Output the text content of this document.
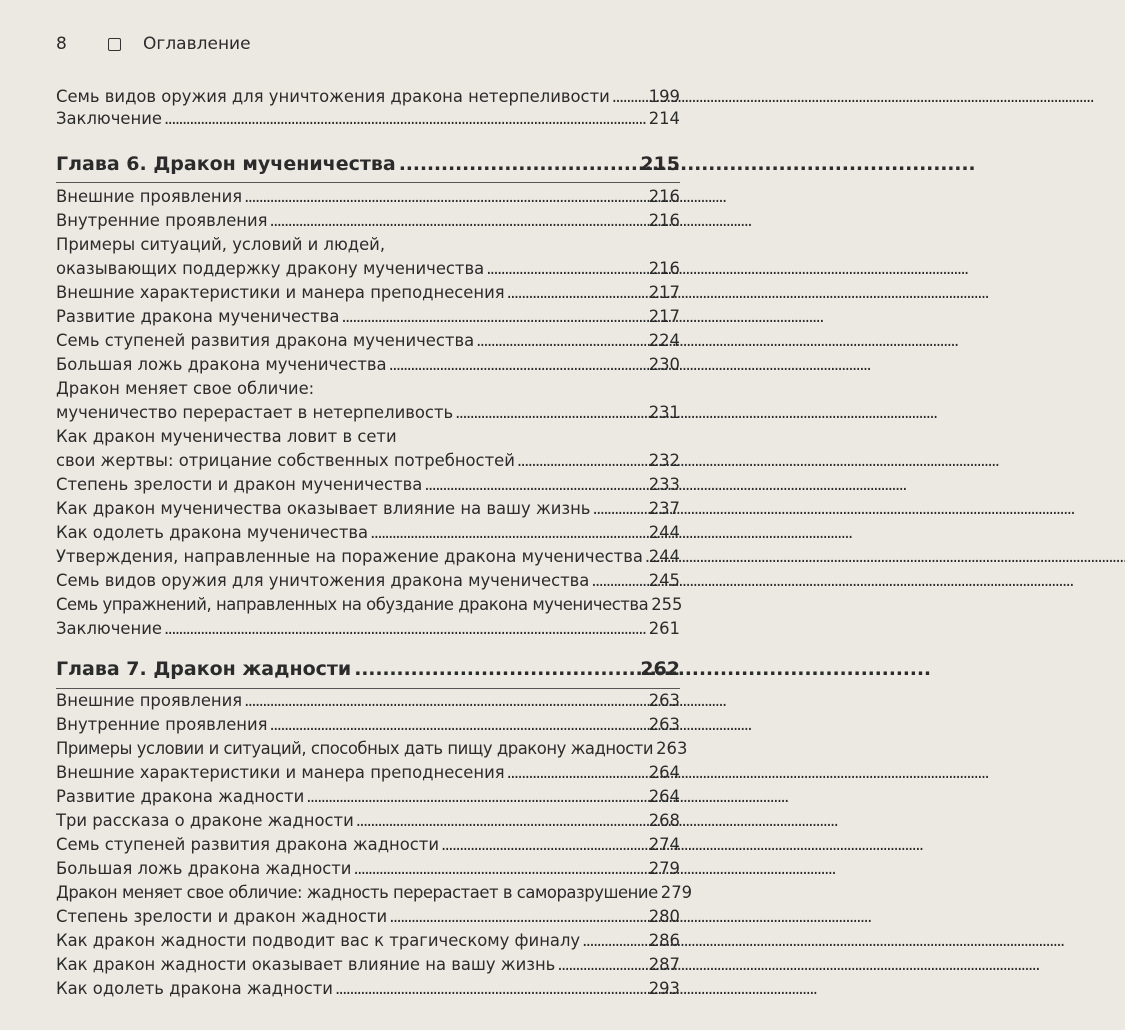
8	Оглавление
Семь видов оружия для уничтожения дракона нетерпеливости . . . 199
Заключение . . .	214
Глава 6. Дракон мученичества . . .	215
Внешние проявления . . .	216
Внутренние проявления . . .	216
Примеры ситуаций, условий и людей,
оказывающих поддержку дракону мученичества . . .	216
Внешние характеристики и манера преподнесения . . .	217
Развитие дракона мученичества . . .	217
Семь ступеней развития дракона мученичества . . .	224
Большая ложь дракона мученичества . . .	230
Дракон меняет свое обличие:
мученичество перерастает в нетерпеливость . . .	231
Как дракон мученичества ловит в сети
свои жертвы: отрицание собственных потребностей . . .	232
Степень зрелости и дракон мученичества . . .	233
Как дракон мученичества оказывает влияние на вашу жизнь . . .	237
Как одолеть дракона мученичества . . .	244
Утверждения, направленные на поражение дракона мученичества . . . 244
Семь видов оружия для уничтожения дракона мученичества . . .	245
Семь упражнений, направленных на обуздание дракона мученичества 255
Заключение . . .	261
Глава 7. Дракон жадности . . .	262
Внешние проявления . . .	263
Внутренние проявления . . .	263
Примеры условии и ситуаций, способных дать пищу дракону жадности 263
Внешние характеристики и манера преподнесения . . .	264
Развитие дракона жадности . . .	264
Три рассказа о драконе жадности . . .	268
Семь ступеней развития дракона жадности . . .	274
Большая ложь дракона жадности . . .	279
Дракон меняет свое обличие: жадность перерастает в саморазрушение 279
Степень зрелости и дракон жадности . . .	280
Как дракон жадности подводит вас к трагическому финалу . . .	286
Как дракон жадности оказывает влияние на вашу жизнь . . .	287
Как одолеть дракона жадности . . .	293
